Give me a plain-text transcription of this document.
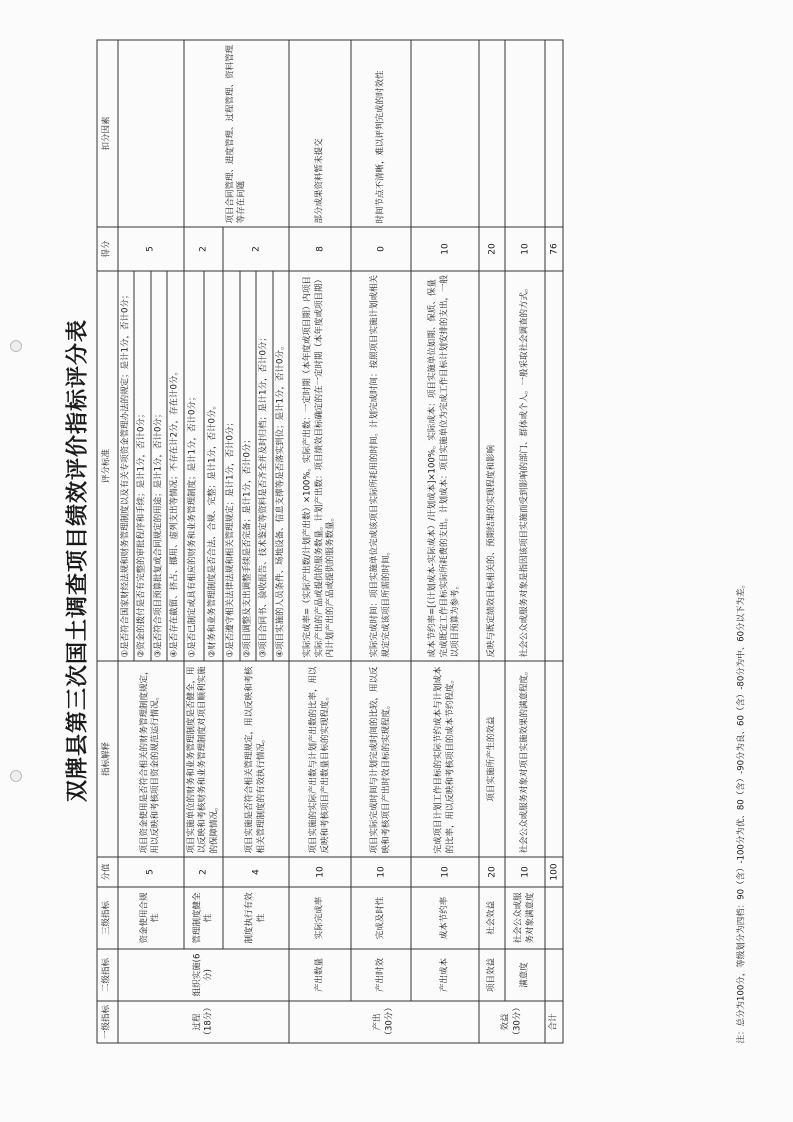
双牌县第三次国土调查项目绩效评价指标评分表
一级指标	二级指标	三级指标	分值	指标解释	评分标准	得分	扣分因素
过程（18分）	组织实施(6分)	资金使用合规性	5	项目资金使用是否符合相关的财务管理制度规定，用以反映和考核项目资金的规范运行情况。	①是否符合国家财经法规和财务管理制度以及有关专项资金管理办法的规定；是计1分，否计0分；	5	
					②资金的拨付是否有完整的审批程序和手续；是计1分，否计0分；		
					③是否符合项目预算批复或合同规定的用途；是计1分，否计0分；		
					④是否存在截留、挤占、挪用、虚列支出等情况；不存在计2分，存在计0分。		
		管理制度健全性	2	项目实施单位的财务和业务管理制度是否健全，用以反映和考核财务和业务管理制度对项目顺利实施的保障情况。	①是否已制定或具有相应的财务和业务管理制度；是计1分，否计0分；	2	项目合同管理、进度管理、过程管理、资料管理等存在问题
					②财务和业务管理制度是否合法、合规、完整；是计1分，否计0分。		
		制度执行有效性	4	项目实施是否符合相关管理规定，用以反映和考核相关管理制度的有效执行情况。	①是否遵守相关法律法规和相关管理规定；是计1分，否计0分；	2	
					②项目调整及支出调整手续是否完备；是计1分，否计0分；		
					③项目合同书、验收报告、技术鉴定等资料是否齐全并及时归档；是计1分，否计0分；		
					④项目实施的人员条件、场地设备、信息支撑等是否落实到位；是计1分，否计0分。		
产出（30分）	产出数量	实际完成率	10	项目实施的实际产出数与计划产出数的比率，用以反映和考核项目产出数量目标的实现程度。	实际完成率=（实际产出数/计划产出数）×100%。实际产出数：一定时期（本年度或项目期）内项目实际产出的产品或提供的服务数量。计划产出数：项目绩效目标确定的在一定时期（本年度或项目期）内计划产出的产品或提供的服务数量。	8	部分成果资料暂未提交
	产出时效	完成及时性	10	项目实际完成时间与计划完成时间的比较，用以反映和考核项目产出时效目标的实现程度。	实际完成时间：项目实施单位完成该项目实际所耗用的时间。计划完成时间：按照项目实施计划或相关规定完成该项目所需的时间。	0	时间节点不清晰，难以评判完成的时效性
	产出成本	成本节约率	10	完成项目计划工作目标的实际节约成本与计划成本的比率，用以反映和考核项目的成本节约程度。	成本节约率=[（计划成本-实际成本）/计划成本]×100%。实际成本：项目实施单位如期、保质、保量完成既定工作目标实际所耗费的支出。计划成本：项目实施单位为完成工作目标计划安排的支出，一般以项目预算为参考。	10	
效益（30分）	项目效益	社会效益	20	项目实施所产生的效益	反映与既定绩效目标相关的、预期结果的实现程度和影响	20	
	满意度	社会公众或服务对象满意度	10	社会公众或服务对象对项目实施效果的满意程度。	社会公众或服务对象是指因该项目实施而受到影响的部门、群体或个人。一般采取社会调查的方式。	10	
合计			100			76	
注：总分为100分，等级划分为四档：90（含）-100分为优、80（含）-90分为良、60（含）-80分为中、60分以下为差。
